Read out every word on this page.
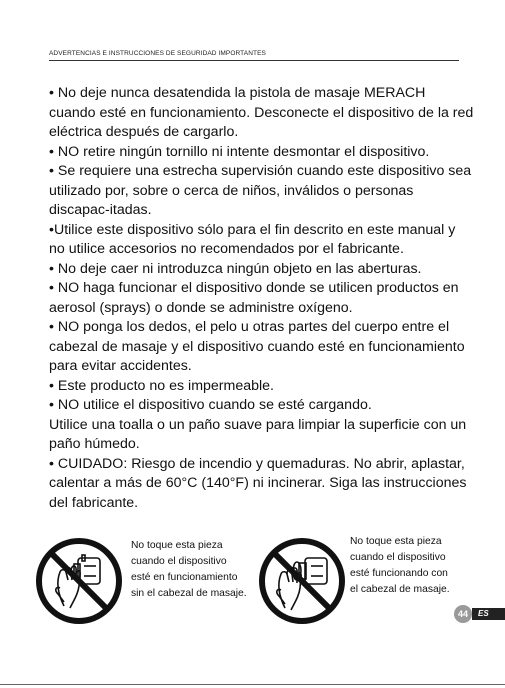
ADVERTENCIAS E INSTRUCCIONES DE SEGURIDAD IMPORTANTES

• No deje nunca desatendida la pistola de masaje MERACH cuando esté en funcionamiento. Desconecte el dispositivo de la red eléctrica después de cargarlo.

• NO retire ningún tornillo ni intente desmontar el dispositivo.

• Se requiere una estrecha supervisión cuando este dispositivo sea utilizado por, sobre o cerca de niños, inválidos o personas discapac-itadas.

•Utilice este dispositivo sólo para el fin descrito en este manual y no utilice accesorios no recomendados por el fabricante.

• No deje caer ni introduzca ningún objeto en las aberturas.

• NO haga funcionar el dispositivo donde se utilicen productos en aerosol (sprays) o donde se administre oxígeno.

• NO ponga los dedos, el pelo u otras partes del cuerpo entre el cabezal de masaje y el dispositivo cuando esté en funcionamiento para evitar accidentes.

• Este producto no es impermeable.

• NO utilice el dispositivo cuando se esté cargando.

Utilice una toalla o un paño suave para limpiar la superficie con un paño húmedo.

• CUIDADO: Riesgo de incendio y quemaduras. No abrir, aplastar, calentar a más de 60°C (140°F) ni incinerar. Siga las instrucciones del fabricante.

No toque esta pieza
cuando el dispositivo
esté en funcionamiento
sin el cabezal de masaje.
No toque esta pieza
cuando el dispositivo
esté funcionando con
el cabezal de masaje.
44	ES
